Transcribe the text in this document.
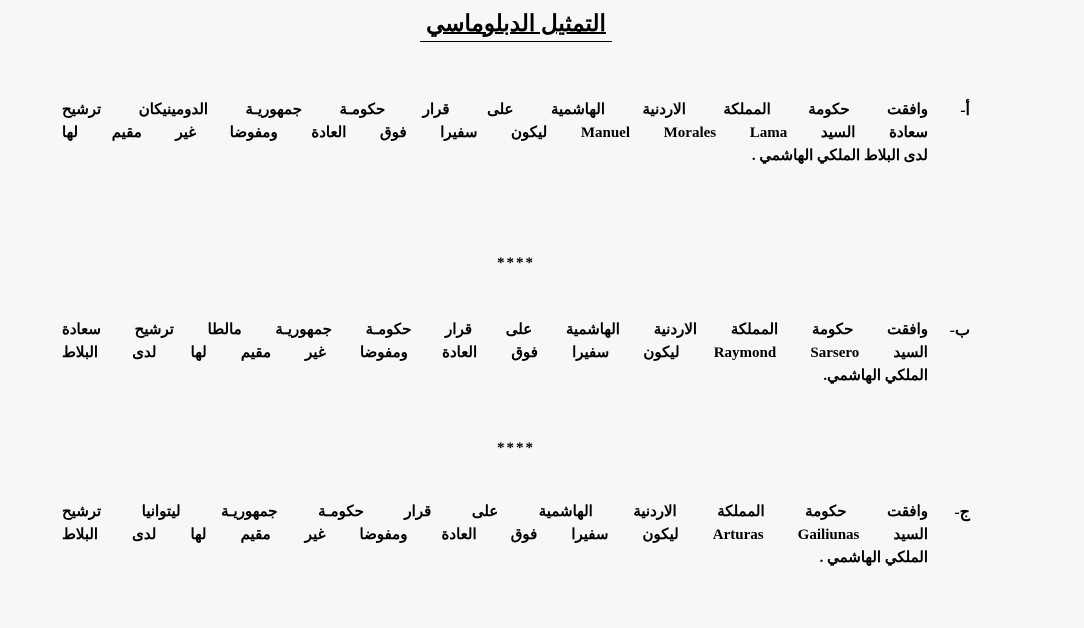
التمثيل الدبلوماسي
أ-
وافقت حكومة المملكة الاردنية الهاشمية على قرار حكومـة جمهوريـة الدومينيكان ترشيح
سعادة السيد Manuel Morales Lama ليكون سفيرا فوق العادة ومفوضا غير مقيم لها
لدى البلاط الملكي الهاشمي .
****
ب-
وافقت حكومة المملكة الاردنية الهاشمية على قرار حكومـة جمهوريـة مالطا ترشيح سعادة
السيد Raymond Sarsero ليكون سفيرا فوق العادة ومفوضا غير مقيم لها لدى البلاط
الملكي الهاشمي.
****
ج-
وافقت حكومة المملكة الاردنية الهاشمية على قرار حكومـة جمهوريـة ليتوانيا ترشيح
السيد Arturas Gailiunas ليكون سفيرا فوق العادة ومفوضا غير مقيم لها لدى البلاط
الملكي الهاشمي .
